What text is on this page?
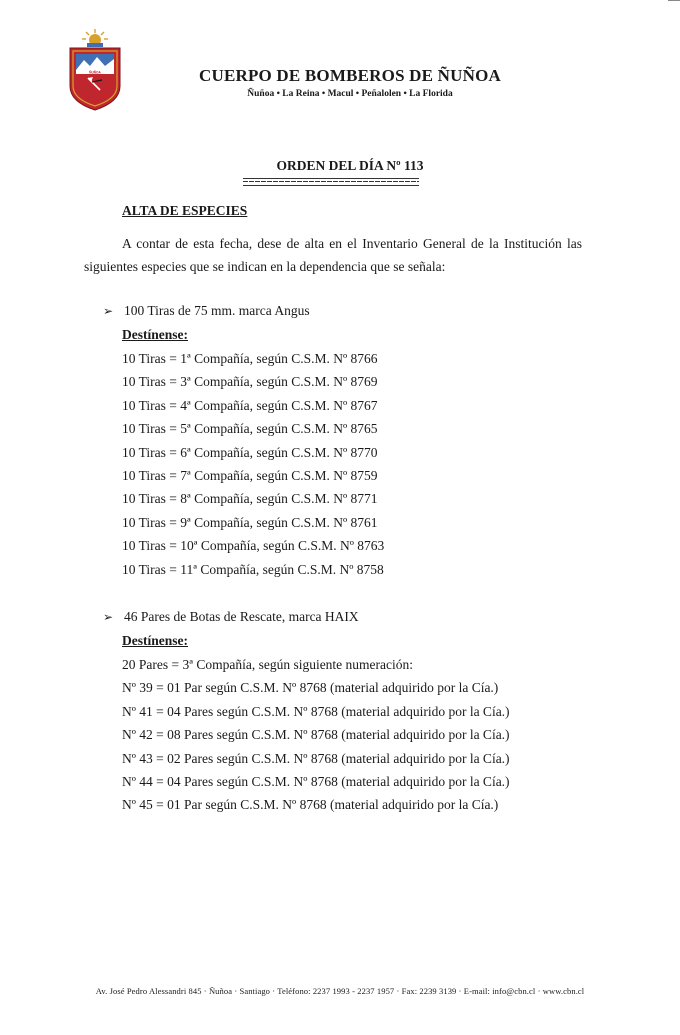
ÑUÑOA	CUERPO DE BOMBEROS DE ÑUÑOA
Ñuñoa • La Reina • Macul • Peñalolen • La Florida
ORDEN DEL DÍA Nº 113
ALTA DE ESPECIES

A contar de esta fecha, dese de alta en el Inventario General de la Institución las siguientes especies que se indican en la dependencia que se señala:

➢ 100 Tiras de 75 mm. marca Angus
Destínense:
10 Tiras = 1ª Compañía, según C.S.M. Nº 8766
10 Tiras = 3ª Compañía, según C.S.M. Nº 8769
10 Tiras = 4ª Compañía, según C.S.M. Nº 8767
10 Tiras = 5ª Compañía, según C.S.M. Nº 8765
10 Tiras = 6ª Compañía, según C.S.M. Nº 8770
10 Tiras = 7ª Compañía, según C.S.M. Nº 8759
10 Tiras = 8ª Compañía, según C.S.M. Nº 8771
10 Tiras = 9ª Compañía, según C.S.M. Nº 8761
10 Tiras = 10ª Compañía, según C.S.M. Nº 8763
10 Tiras = 11ª Compañía, según C.S.M. Nº 8758
➢ 46 Pares de Botas de Rescate, marca HAIX
Destínense:
20 Pares = 3ª Compañía, según siguiente numeración:
Nº 39 = 01 Par según C.S.M. Nº 8768 (material adquirido por la Cía.)
Nº 41 = 04 Pares según C.S.M. Nº 8768 (material adquirido por la Cía.)
Nº 42 = 08 Pares según C.S.M. Nº 8768 (material adquirido por la Cía.)
Nº 43 = 02 Pares según C.S.M. Nº 8768 (material adquirido por la Cía.)
Nº 44 = 04 Pares según C.S.M. Nº 8768 (material adquirido por la Cía.)
Nº 45 = 01 Par según C.S.M. Nº 8768 (material adquirido por la Cía.)
Av. José Pedro Alessandri 845 · Ñuñoa · Santiago · Teléfono: 2237 1993 - 2237 1957 · Fax: 2239 3139 · E-mail: info@cbn.cl · www.cbn.cl
